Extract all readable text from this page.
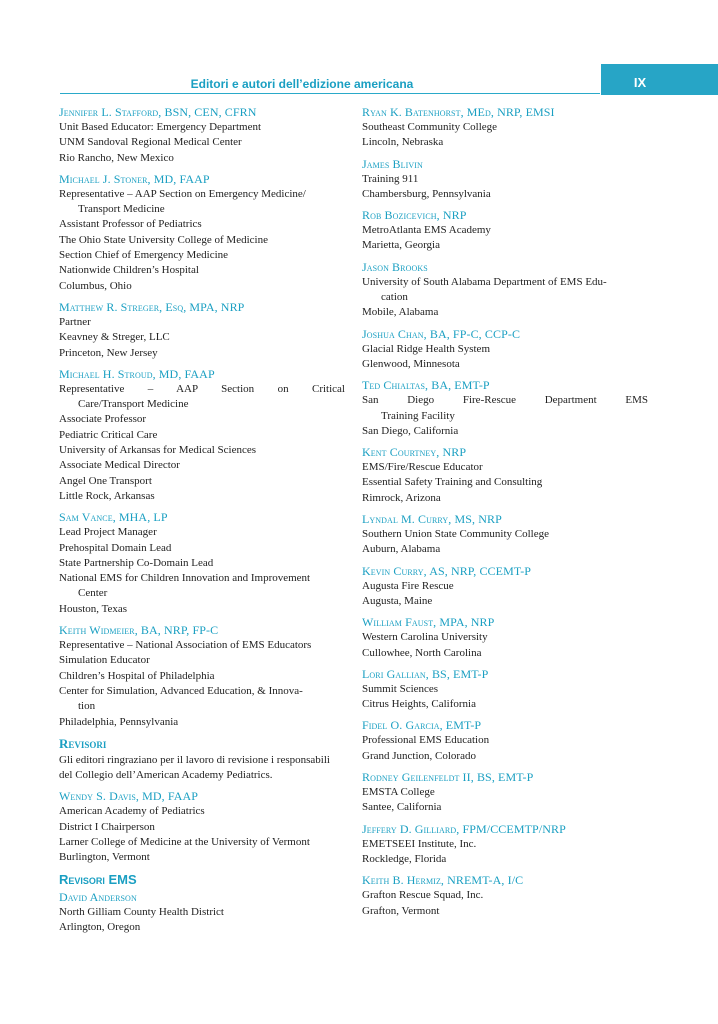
Editori e autori dell’edizione americana	IX
Jennifer L. Stafford, BSN, CEN, CFRN
Unit Based Educator: Emergency Department
UNM Sandoval Regional Medical Center
Rio Rancho, New Mexico
Michael J. Stoner, MD, FAAP
Representative – AAP Section on Emergency Medicine/
Transport Medicine
Assistant Professor of Pediatrics
The Ohio State University College of Medicine
Section Chief of Emergency Medicine
Nationwide Children’s Hospital
Columbus, Ohio
Matthew R. Streger, Esq, MPA, NRP
Partner
Keavney & Streger, LLC
Princeton, New Jersey
Michael H. Stroud, MD, FAAP
Representative – AAP Section on Critical
Care/Transport Medicine
Associate Professor
Pediatric Critical Care
University of Arkansas for Medical Sciences
Associate Medical Director
Angel One Transport
Little Rock, Arkansas
Sam Vance, MHA, LP
Lead Project Manager
Prehospital Domain Lead
State Partnership Co-Domain Lead
National EMS for Children Innovation and Improvement
Center
Houston, Texas
Keith Widmeier, BA, NRP, FP-C
Representative – National Association of EMS Educators
Simulation Educator
Children’s Hospital of Philadelphia
Center for Simulation, Advanced Education, & Innova-
tion
Philadelphia, Pennsylvania
Revisori
Gli editori ringraziano per il lavoro di revisione i responsabili del Collegio dell’American Academy Pediatrics.
Wendy S. Davis, MD, FAAP
American Academy of Pediatrics
District I Chairperson
Larner College of Medicine at the University of Vermont
Burlington, Vermont
Revisori EMS
David Anderson
North Gilliam County Health District
Arlington, Oregon
Ryan K. Batenhorst, MEd, NRP, EMSI
Southeast Community College
Lincoln, Nebraska
James Blivin
Training 911
Chambersburg, Pennsylvania
Rob Bozicevich, NRP
MetroAtlanta EMS Academy
Marietta, Georgia
Jason Brooks
University of South Alabama Department of EMS Edu-
cation
Mobile, Alabama
Joshua Chan, BA, FP-C, CCP-C
Glacial Ridge Health System
Glenwood, Minnesota
Ted Chialtas, BA, EMT-P
San Diego Fire-Rescue Department EMS
Training Facility
San Diego, California
Kent Courtney, NRP
EMS/Fire/Rescue Educator
Essential Safety Training and Consulting
Rimrock, Arizona
Lyndal M. Curry, MS, NRP
Southern Union State Community College
Auburn, Alabama
Kevin Curry, AS, NRP, CCEMT-P
Augusta Fire Rescue
Augusta, Maine
William Faust, MPA, NRP
Western Carolina University
Cullowhee, North Carolina
Lori Gallian, BS, EMT-P
Summit Sciences
Citrus Heights, California
Fidel O. Garcia, EMT-P
Professional EMS Education
Grand Junction, Colorado
Rodney Geilenfeldt II, BS, EMT-P
EMSTA College
Santee, California
Jeffery D. Gilliard, FPM/CCEMTP/NRP
EMETSEEI Institute, Inc.
Rockledge, Florida
Keith B. Hermiz, NREMT-A, I/C
Grafton Rescue Squad, Inc.
Grafton, Vermont
